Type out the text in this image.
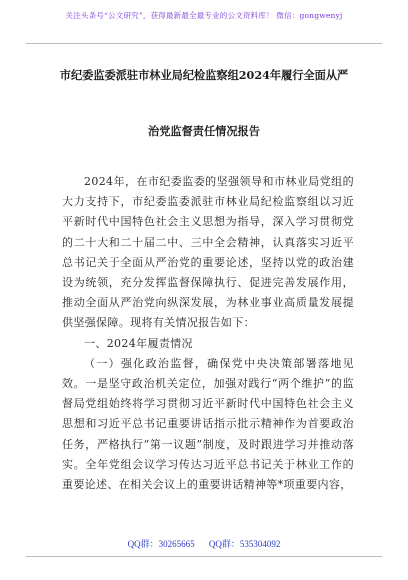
关注头条号“公文研究”，获得最新最全最专业的公文资料库！ 微信：gongwenyj
市纪委监委派驻市林业局纪检监察组2024年履行全面从严
治党监督责任情况报告

2024年，在市纪委监委的坚强领导和市林业局党组的大力支持下，市纪委监委派驻市林业局纪检监察组以习近平新时代中国特色社会主义思想为指导，深入学习贯彻党的二十大和二十届二中、三中全会精神，认真落实习近平总书记关于全面从严治党的重要论述，坚持以党的政治建设为统领，充分发挥监督保障执行、促进完善发展作用，推动全面从严治党向纵深发展，为林业事业高质量发展提供坚强保障。现将有关情况报告如下：

一、2024年履责情况

（一）强化政治监督，确保党中央决策部署落地见效。一是坚守政治机关定位，加强对践行“两个维护”的监督局党组始终将学习贯彻习近平新时代中国特色社会主义思想和习近平总书记重要讲话指示批示精神作为首要政治任务，严格执行“第一议题”制度，及时跟进学习并推动落实。全年党组会议学习传达习近平总书记关于林业工作的重要论述、在相关会议上的重要讲话精神等*项重要内容，

QQ群：30265665 QQ群：535304092
